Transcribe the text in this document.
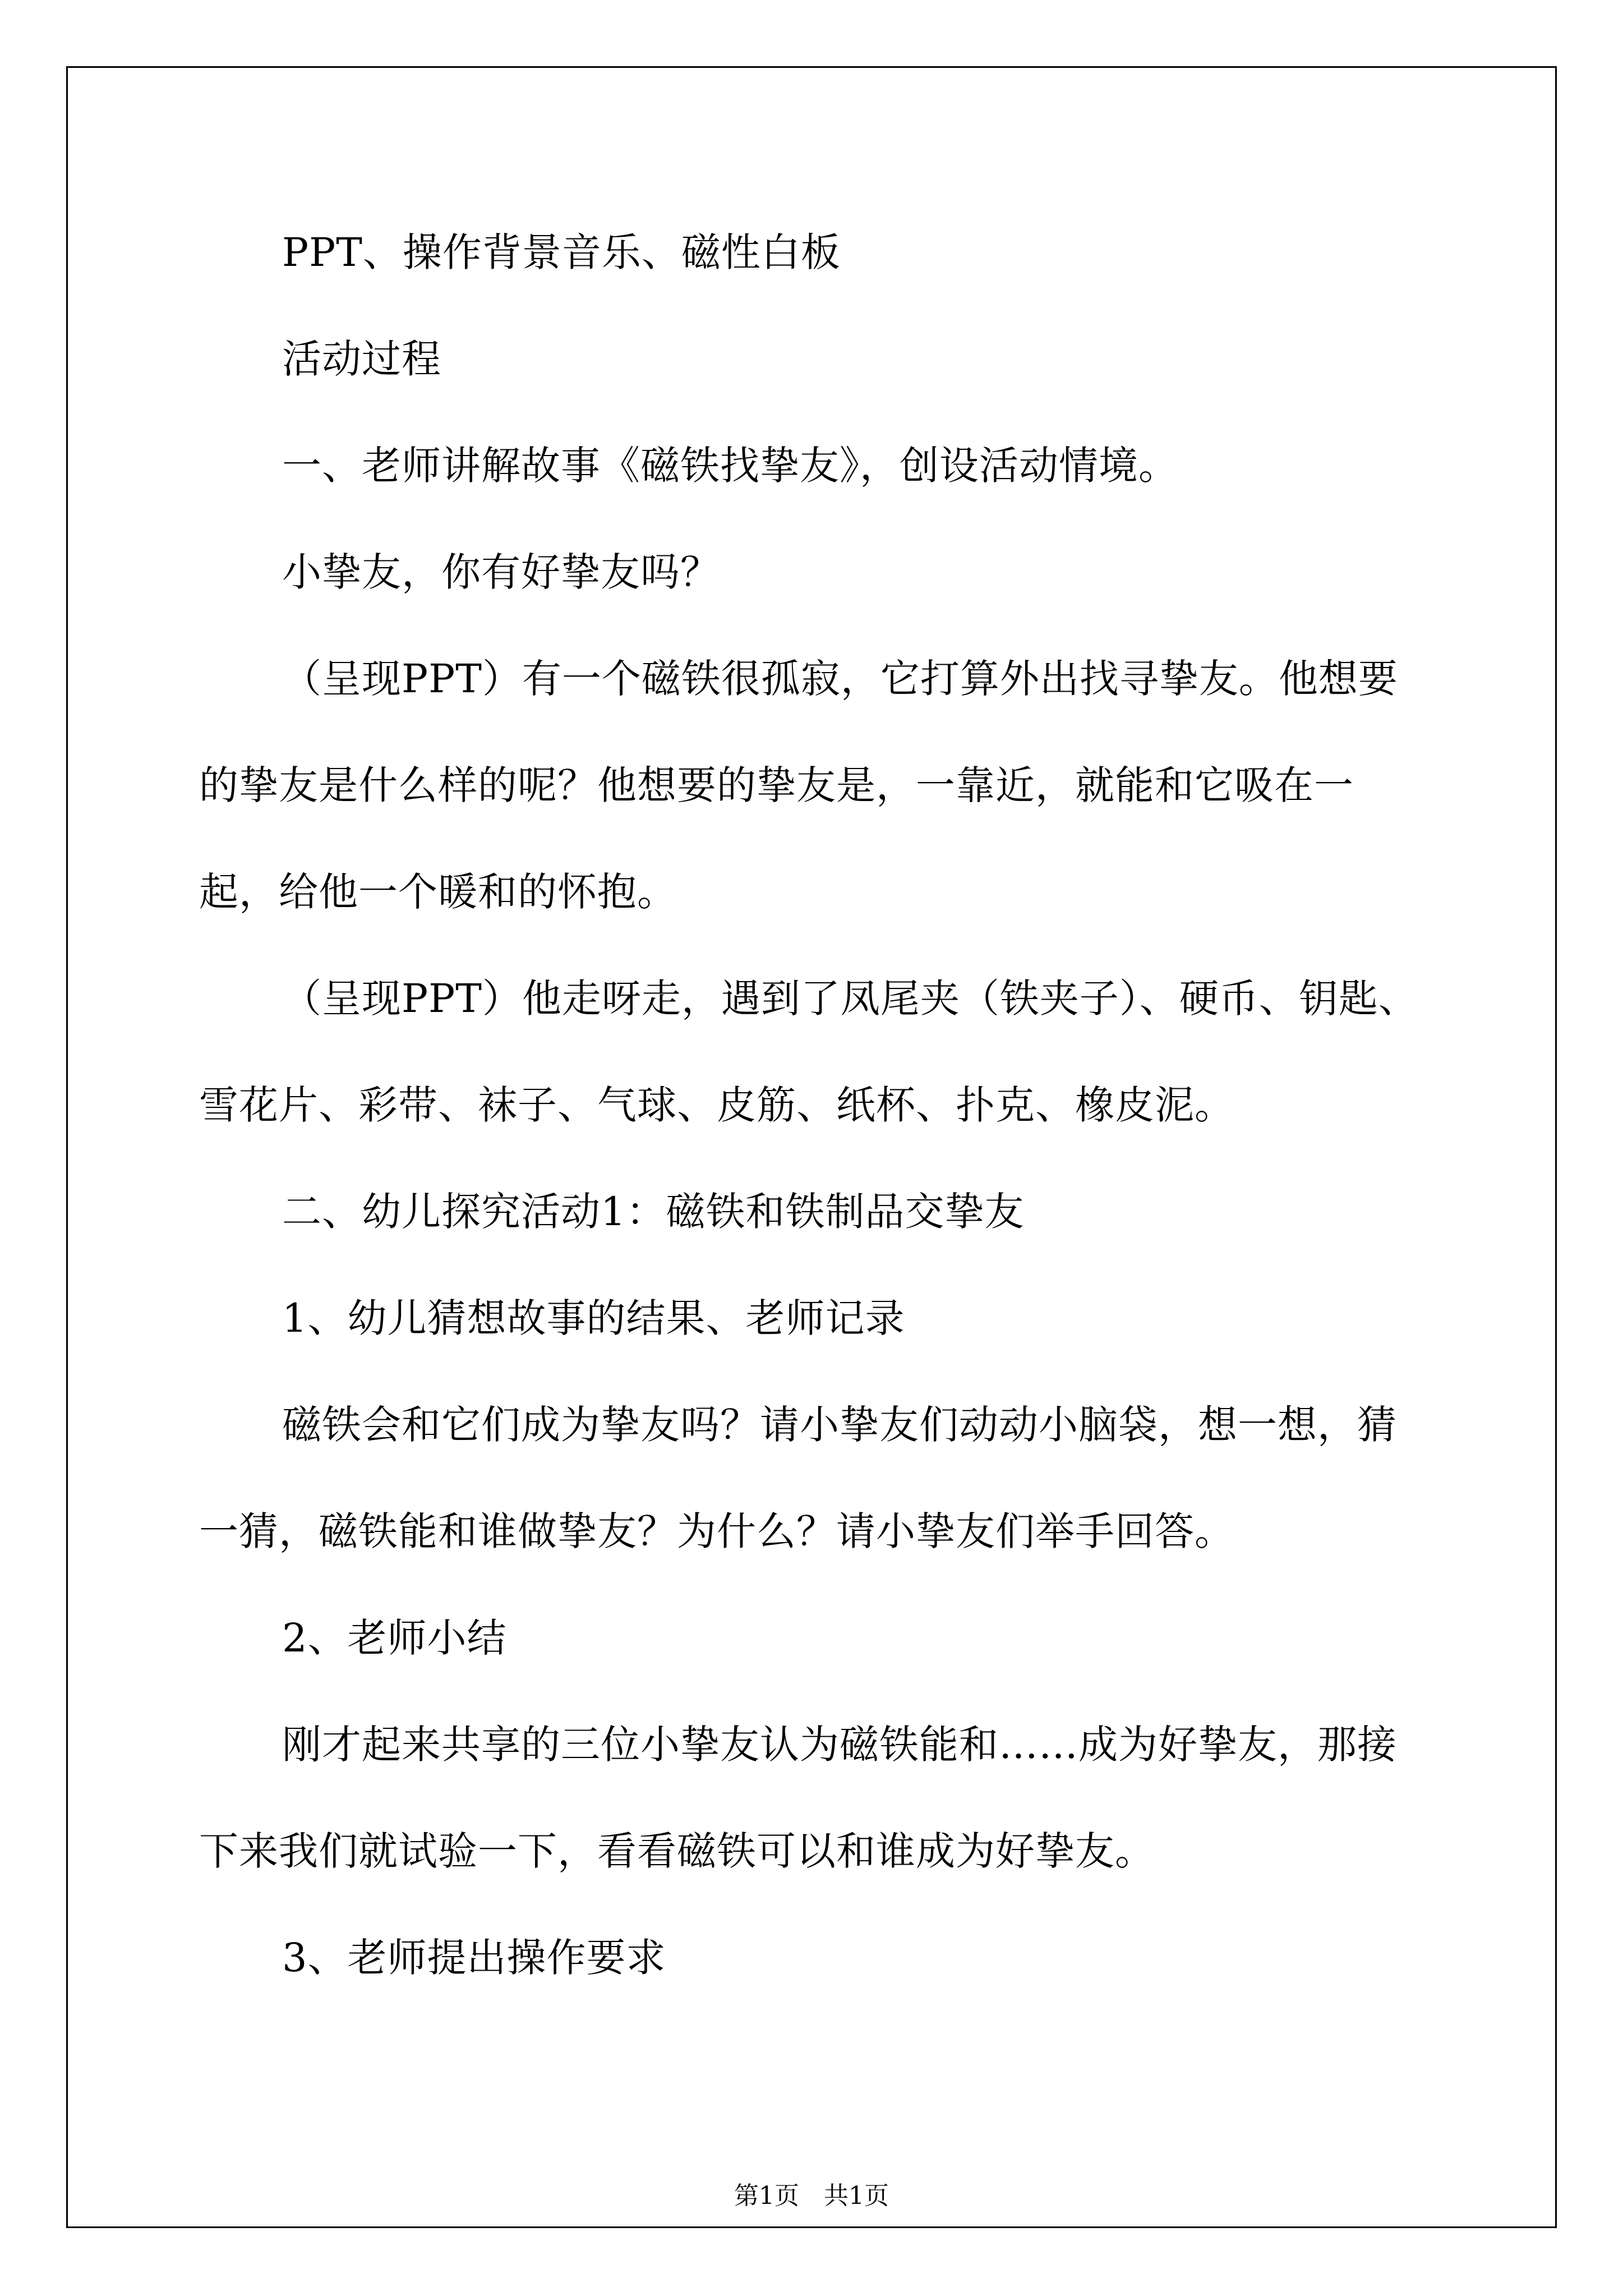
PPT、操作背景音乐、磁性白板

活动过程

一、老师讲解故事《磁铁找挚友》，创设活动情境。

小挚友，你有好挚友吗？

（呈现PPT）有一个磁铁很孤寂，它打算外出找寻挚友。他想要的挚友是什么样的呢？他想要的挚友是，一靠近，就能和它吸在一起，给他一个暖和的怀抱。

（呈现PPT）他走呀走，遇到了凤尾夹（铁夹子）、硬币、钥匙、雪花片、彩带、袜子、气球、皮筋、纸杯、扑克、橡皮泥。

二、幼儿探究活动1：磁铁和铁制品交挚友

1、幼儿猜想故事的结果、老师记录

磁铁会和它们成为挚友吗？请小挚友们动动小脑袋，想一想，猜一猜，磁铁能和谁做挚友？为什么？请小挚友们举手回答。

2、老师小结

刚才起来共享的三位小挚友认为磁铁能和……成为好挚友，那接下来我们就试验一下，看看磁铁可以和谁成为好挚友。

3、老师提出操作要求

第1页　共1页
